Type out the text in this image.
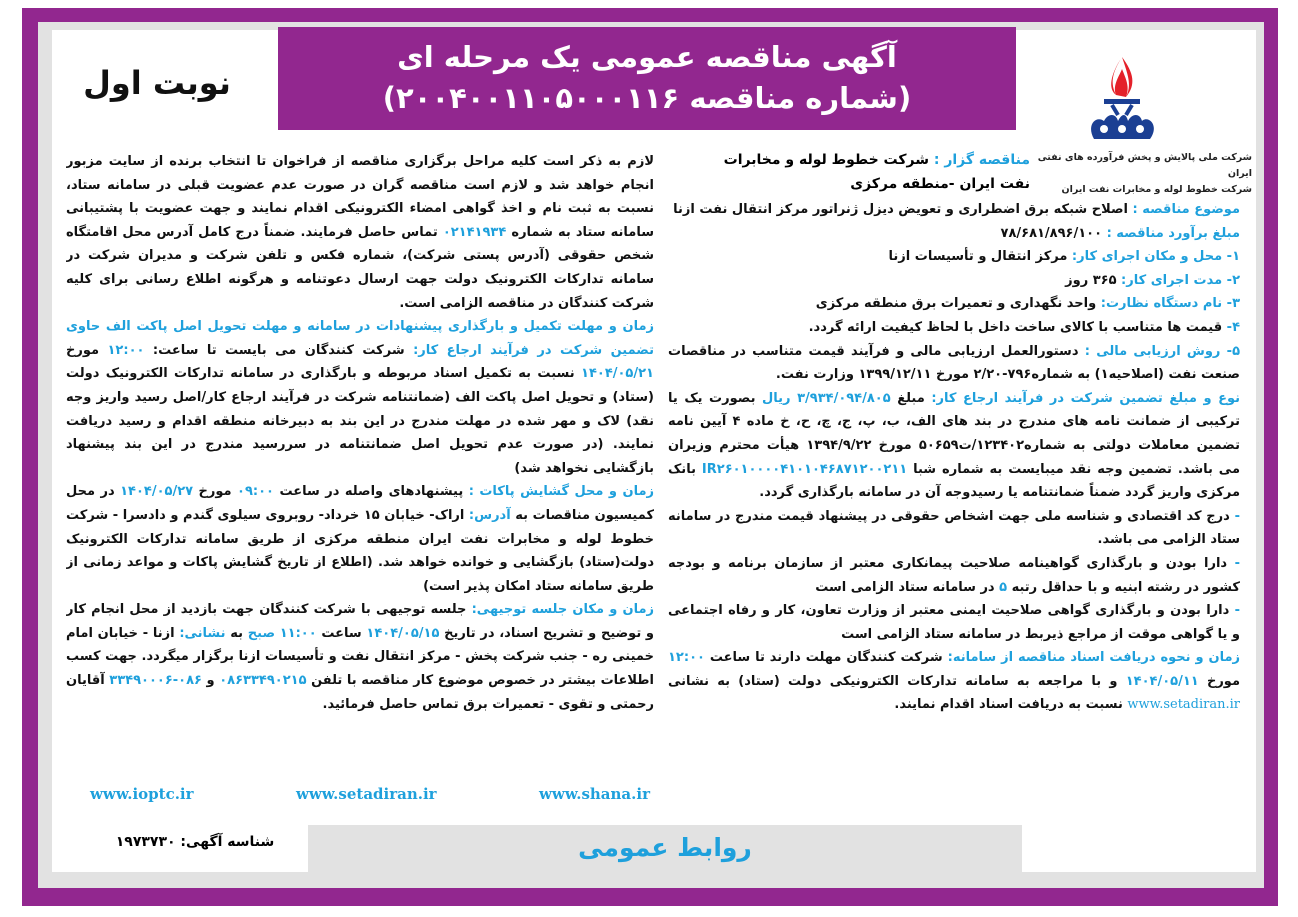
آگهی مناقصه عمومی یک مرحله ای
(شماره مناقصه ۲۰۰۴۰۰۱۱۰۵۰۰۰۱۱۶)
نوبت اول
شرکت ملی پالایش و پخش فرآورده های نفتی ایران
شرکت خطوط لوله و مخابرات نفت ایران
مناقصه گزار : شرکت خطوط لوله و مخابرات نفت ایران -منطقه مرکزی

موضوع مناقصه : اصلاح شبکه برق اضطراری و تعویض دیزل ژنراتور مرکز انتقال نفت ازنا

مبلغ برآورد مناقصه : ۷۸/۶۸۱/۸۹۶/۱۰۰

۱- محل و مکان اجرای کار: مرکز انتقال و تأسیسات ازنا

۲- مدت اجرای کار: ۳۶۵ روز

۳- نام دستگاه نظارت: واحد نگهداری و تعمیرات برق منطقه مرکزی

۴- قیمت ها متناسب با کالای ساخت داخل با لحاظ کیفیت ارائه گردد.

۵- روش ارزیابی مالی : دستورالعمل ارزیابی مالی و فرآیند قیمت متناسب در مناقصات صنعت نفت (اصلاحیه۱) به شماره۷۹۶-۲/۲۰ مورخ ۱۳۹۹/۱۲/۱۱ وزارت نفت.

نوع و مبلغ تضمین شرکت در فرآیند ارجاع کار: مبلغ ۳/۹۳۴/۰۹۴/۸۰۵ ریال بصورت یک یا ترکیبی از ضمانت نامه های مندرج در بند های الف، ب، پ، ج، چ، ح، خ ماده ۴ آیین نامه تضمین معاملات دولتی به شماره۱۲۳۴۰۲/ت۵۰۶۵۹ مورخ ۱۳۹۴/۹/۲۲ هیأت محترم وزیران می باشد. تضمین وجه نقد میبایست به شماره شبا IR۲۶۰۱۰۰۰۰۴۱۰۱۰۴۶۸۷۱۲۰۰۲۱۱ بانک مرکزی واریز گردد ضمناً ضمانتنامه یا رسیدوجه آن در سامانه بارگذاری گردد.

- درج کد اقتصادی و شناسه ملی جهت اشخاص حقوقی در پیشنهاد قیمت مندرج در سامانه ستاد الزامی می باشد.

- دارا بودن و بارگذاری گواهینامه صلاحیت پیمانکاری معتبر از سازمان برنامه و بودجه کشور در رشته ابنیه و با حداقل رتبه ۵ در سامانه ستاد الزامی است

- دارا بودن و بارگذاری گواهی صلاحیت ایمنی معتبر از وزارت تعاون، کار و رفاه اجتماعی و یا گواهی موقت از مراجع ذیربط در سامانه ستاد الزامی است

زمان و نحوه دریافت اسناد مناقصه از سامانه: شرکت کنندگان مهلت دارند تا ساعت ۱۲:۰۰ مورخ ۱۴۰۴/۰۵/۱۱ و با مراجعه به سامانه تدارکات الکترونیکی دولت (ستاد) به نشانی www.setadiran.ir نسبت به دریافت اسناد اقدام نمایند.

لازم به ذکر است کلیه مراحل برگزاری مناقصه از فراخوان تا انتخاب برنده از سایت مزبور انجام خواهد شد و لازم است مناقصه گران در صورت عدم عضویت قبلی در سامانه ستاد، نسبت به ثبت نام و اخذ گواهی امضاء الکترونیکی اقدام نمایند و جهت عضویت با پشتیبانی سامانه ستاد به شماره ۰۲۱۴۱۹۳۴ تماس حاصل فرمایند. ضمناً درج کامل آدرس محل اقامتگاه شخص حقوقی (آدرس پستی شرکت)، شماره فکس و تلفن شرکت و مدیران شرکت در سامانه تدارکات الکترونیک دولت جهت ارسال دعوتنامه و هرگونه اطلاع رسانی برای کلیه شرکت کنندگان در مناقصه الزامی است.

زمان و مهلت تکمیل و بارگذاری پیشنهادات در سامانه و مهلت تحویل اصل پاکت الف حاوی تضمین شرکت در فرآیند ارجاع کار: شرکت کنندگان می بایست تا ساعت: ۱۲:۰۰ مورخ ۱۴۰۴/۰۵/۲۱ نسبت به تکمیل اسناد مربوطه و بارگذاری در سامانه تدارکات الکترونیک دولت (ستاد) و تحویل اصل پاکت الف (ضمانتنامه شرکت در فرآیند ارجاع کار/اصل رسید واریز وجه نقد) لاک و مهر شده در مهلت مندرج در این بند به دبیرخانه منطقه اقدام و رسید دریافت نمایند. (در صورت عدم تحویل اصل ضمانتنامه در سررسید مندرج در این بند پیشنهاد بازگشایی نخواهد شد)

زمان و محل گشایش پاکات : پیشنهادهای واصله در ساعت ۰۹:۰۰ مورخ ۱۴۰۴/۰۵/۲۷ در محل کمیسیون مناقصات به آدرس: اراک- خیابان ۱۵ خرداد- روبروی سیلوی گندم و دادسرا - شرکت خطوط لوله و مخابرات نفت ایران منطقه مرکزی از طریق سامانه تدارکات الکترونیک دولت(ستاد) بازگشایی و خوانده خواهد شد. (اطلاع از تاریخ گشایش پاکات و مواعد زمانی از طریق سامانه ستاد امکان پذیر است)

زمان و مکان جلسه توجیهی: جلسه توجیهی با شرکت کنندگان جهت بازدید از محل انجام کار و توضیح و تشریح اسناد، در تاریخ ۱۴۰۴/۰۵/۱۵ ساعت ۱۱:۰۰ صبح به نشانی: ازنا - خیابان امام خمینی ره - جنب شرکت پخش - مرکز انتقال نفت و تأسیسات ازنا برگزار میگردد. جهت کسب اطلاعات بیشتر در خصوص موضوع کار مناقصه با تلفن ۰۸۶۳۳۴۹۰۲۱۵ و ۰۸۶-۳۳۴۹۰۰۰۶ آقایان رحمتی و تقوی - تعمیرات برق تماس حاصل فرمائید.

www.ioptc.ir	www.setadiran.ir	www.shana.ir
روابط عمومی
شناسه آگهی: ۱۹۷۳۷۳۰
